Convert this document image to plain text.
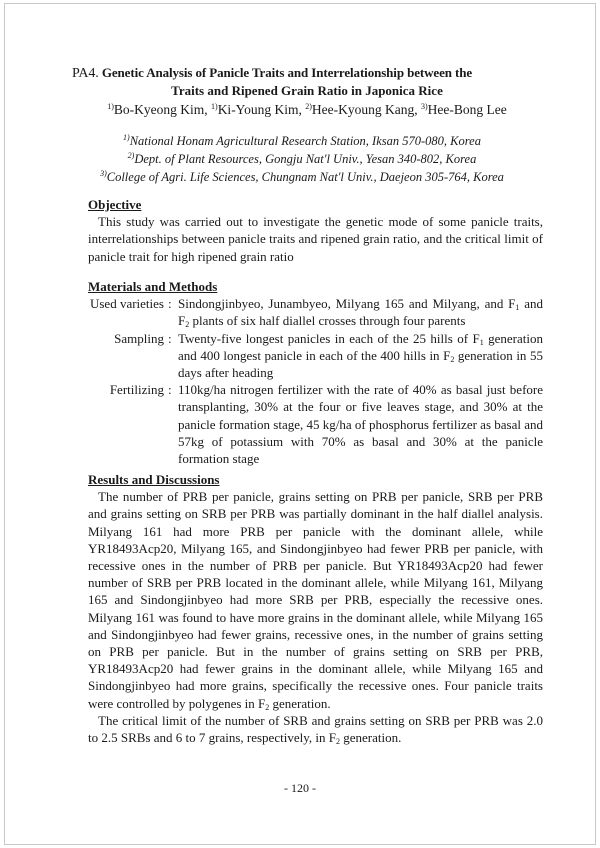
PA4. Genetic Analysis of Panicle Traits and Interrelationship between the
Traits and Ripened Grain Ratio in Japonica Rice
$^{1)}$Bo-Kyeong Kim, $^{1)}$Ki-Young Kim, $^{2)}$Hee-Kyoung Kang, $^{3)}$Hee-Bong Lee
$^{1)}$National Honam Agricultural Research Station, Iksan 570-080, Korea
$^{2)}$Dept. of Plant Resources, Gongju Nat'l Univ., Yesan 340-802, Korea
$^{3)}$College of Agri. Life Sciences, Chungnam Nat'l Univ., Daejeon 305-764, Korea
Objective
This study was carried out to investigate the genetic mode of some panicle traits, interrelationships between panicle traits and ripened grain ratio, and the critical limit of panicle trait for high ripened grain ratio
Materials and Methods
Used varieties : Sindongjinbyeo, Junambyeo, Milyang 165 and Milyang, and $F_1$ and $F_2$ plants of six half diallel crosses through four parents
Sampling : Twenty-five longest panicles in each of the 25 hills of $F_1$ generation and 400 longest panicle in each of the 400 hills in $F_2$ generation in 55 days after heading
Fertilizing : 110kg/ha nitrogen fertilizer with the rate of 40% as basal just before transplanting, 30% at the four or five leaves stage, and 30% at the panicle formation stage, 45 kg/ha of phosphorus fertilizer as basal and 57kg of potassium with 70% as basal and 30% at the panicle formation stage
Results and Discussions
The number of PRB per panicle, grains setting on PRB per panicle, SRB per PRB and grains setting on SRB per PRB was partially dominant in the half diallel analysis. Milyang 161 had more PRB per panicle with the dominant allele, while YR18493Acp20, Milyang 165, and Sindongjinbyeo had fewer PRB per panicle, with recessive ones in the number of PRB per panicle. But YR18493Acp20 had fewer number of SRB per PRB located in the dominant allele, while Milyang 161, Milyang 165 and Sindongjinbyeo had more SRB per PRB, especially the recessive ones. Milyang 161 was found to have more grains in the dominant allele, while Milyang 165 and Sindongjinbyeo had fewer grains, recessive ones, in the number of grains setting on PRB per panicle. But in the number of grains setting on SRB per PRB, YR18493Acp20 had fewer grains in the dominant allele, while Milyang 165 and Sindongjinbyeo had more grains, specifically the recessive ones. Four panicle traits were controlled by polygenes in $F_2$ generation.
The critical limit of the number of SRB and grains setting on SRB per PRB was 2.0 to 2.5 SRBs and 6 to 7 grains, respectively, in $F_2$ generation.
- 120 -
